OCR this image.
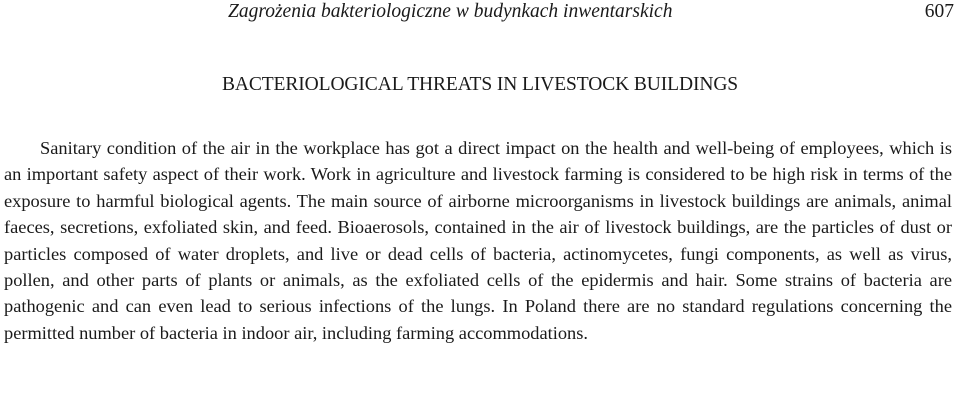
Zagrożenia bakteriologiczne w budynkach inwentarskich	607
BACTERIOLOGICAL THREATS IN LIVESTOCK BUILDINGS

Sanitary condition of the air in the workplace has got a direct impact on the health and well-being of employees, which is an important safety aspect of their work. Work in agriculture and livestock farming is considered to be high risk in terms of the exposure to harmful biological agents. The main source of airborne microorganisms in livestock buildings are animals, animal faeces, secretions, exfoliated skin, and feed. Bioaerosols, contained in the air of livestock buildings, are the particles of dust or particles composed of water droplets, and live or dead cells of bacteria, actinomycetes, fungi components, as well as virus, pollen, and other parts of plants or animals, as the exfoliated cells of the epidermis and hair. Some strains of bacteria are pathogenic and can even lead to serious infections of the lungs. In Poland there are no standard regulations concerning the permitted number of bacteria in indoor air, including farming accommodations.
